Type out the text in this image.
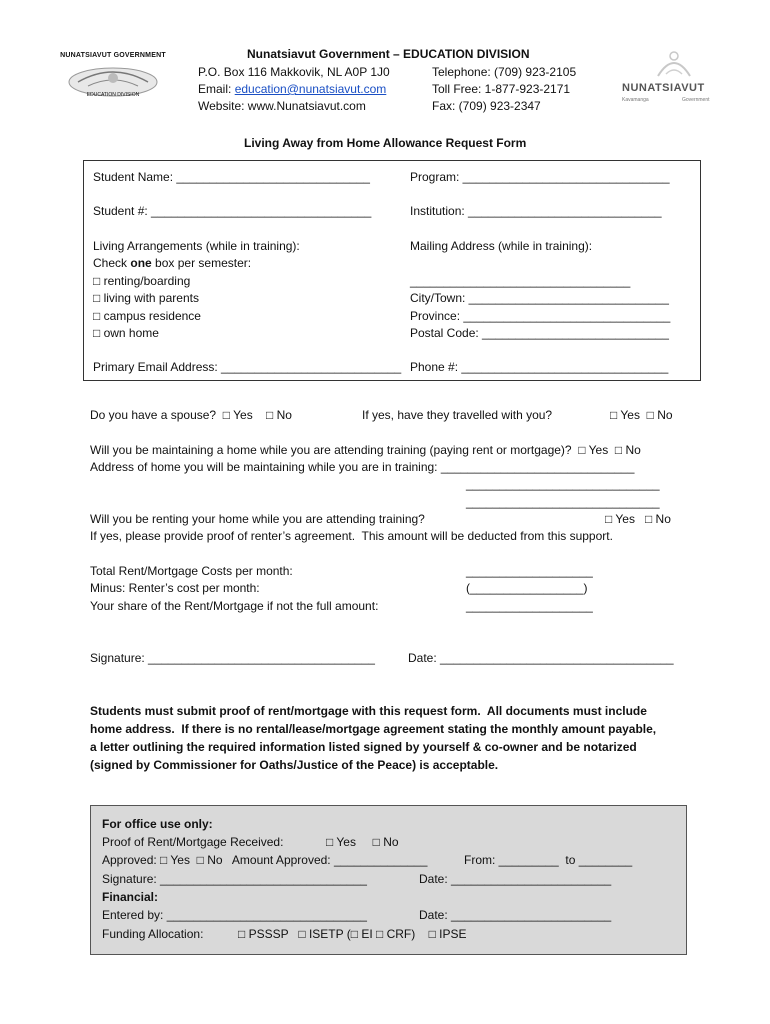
NUNATSIAVUT GOVERNMENT
EDUCATION DIVISION
NUNATSIAVUT
Kavamanga	Government
Nunatsiavut Government – EDUCATION DIVISION
P.O. Box 116 Makkovik, NL A0P 1J0
Email: education@nunatsiavut.com
Website: www.Nunatsiavut.com
Telephone: (709) 923-2105
Toll Free: 1-877-923-2171
Fax: (709) 923-2347
Living Away from Home Allowance Request Form
Student Name: _____________________________	Program: _______________________________
Student #: _________________________________	Institution: _____________________________
Living Arrangements (while in training):
Check one box per semester:
□ renting/boarding
□ living with parents
□ campus residence
□ own home
Mailing Address (while in training):
_________________________________
City/Town: ______________________________
Province: _______________________________
Postal Code: ____________________________
Primary Email Address: ___________________________ Phone #: _______________________________
Do you have a spouse?  □ Yes    □ No	If yes, have they travelled with you?	□ Yes  □ No
Will you be maintaining a home while you are attending training (paying rent or mortgage)?  □ Yes  □ No
Address of home you will be maintaining while you are in training: _____________________________
_____________________________
_____________________________
Will you be renting your home while you are attending training?	□ Yes   □ No
If yes, please provide proof of renter’s agreement.  This amount will be deducted from this support.
Total Rent/Mortgage Costs per month:	___________________
Minus: Renter’s cost per month:	(_________________)
Your share of the Rent/Mortgage if not the full amount:	___________________
Signature: __________________________________	Date: ___________________________________
Students must submit proof of rent/mortgage with this request form.  All documents must include
home address.  If there is no rental/lease/mortgage agreement stating the monthly amount payable,
a letter outlining the required information listed signed by yourself & co-owner and be notarized
(signed by Commissioner for Oaths/Justice of the Peace) is acceptable.
For office use only:
Proof of Rent/Mortgage Received:	□ Yes     □ No
Approved: □ Yes  □ No   Amount Approved: ______________	From: _________  to ________
Signature: _______________________________	Date: ________________________
Financial:
Entered by: ______________________________	Date: ________________________
Funding Allocation:	□ PSSSP   □ ISETP (□ EI □ CRF)    □ IPSE
